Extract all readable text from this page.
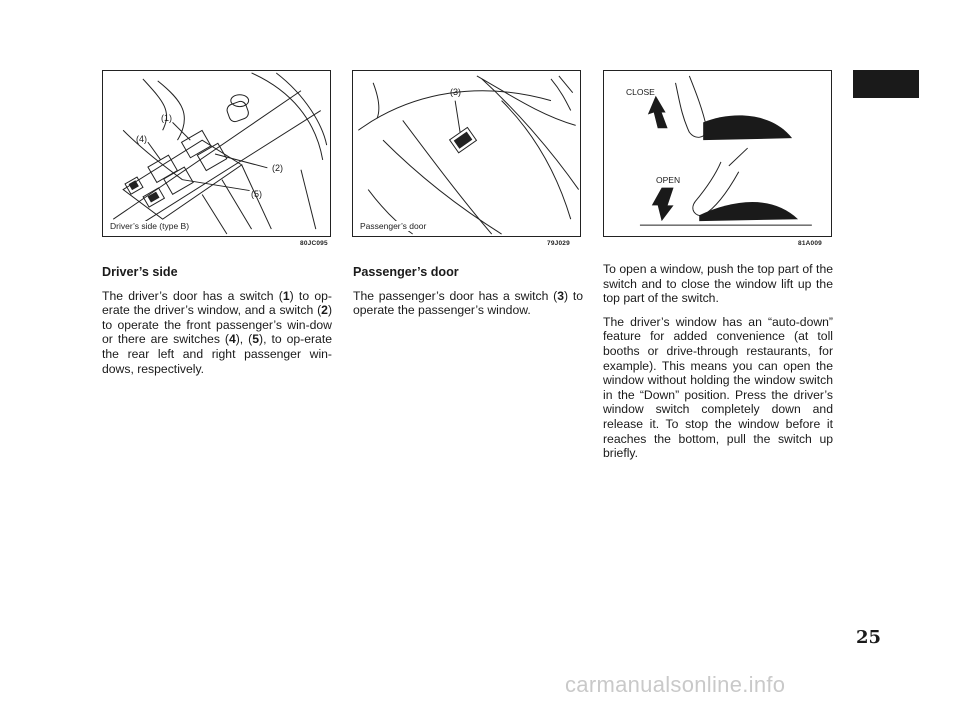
(1)
(4)
(2)
(5)
Driver’s side (type B)
80JC095
(3)
Passenger’s door
79J029
CLOSE
OPEN
81A009
Driver’s side

The driver’s door has a switch (1) to op-erate the driver’s window, and a switch (2) to operate the front passenger’s win-dow or there are switches (4), (5), to op-erate the rear left and right passenger win-dows, respectively.

Passenger’s door

The passenger’s door has a switch (3) to operate the passenger’s window.

To open a window, push the top part of the switch and to close the window lift up the top part of the switch.

The driver’s window has an “auto-down” feature for added convenience (at toll booths or drive-through restaurants, for example). This means you can open the window without holding the window switch in the “Down” position. Press the driver’s window switch completely down and release it. To stop the window before it reaches the bottom, pull the switch up briefly.

25
carmanualsonline.info
